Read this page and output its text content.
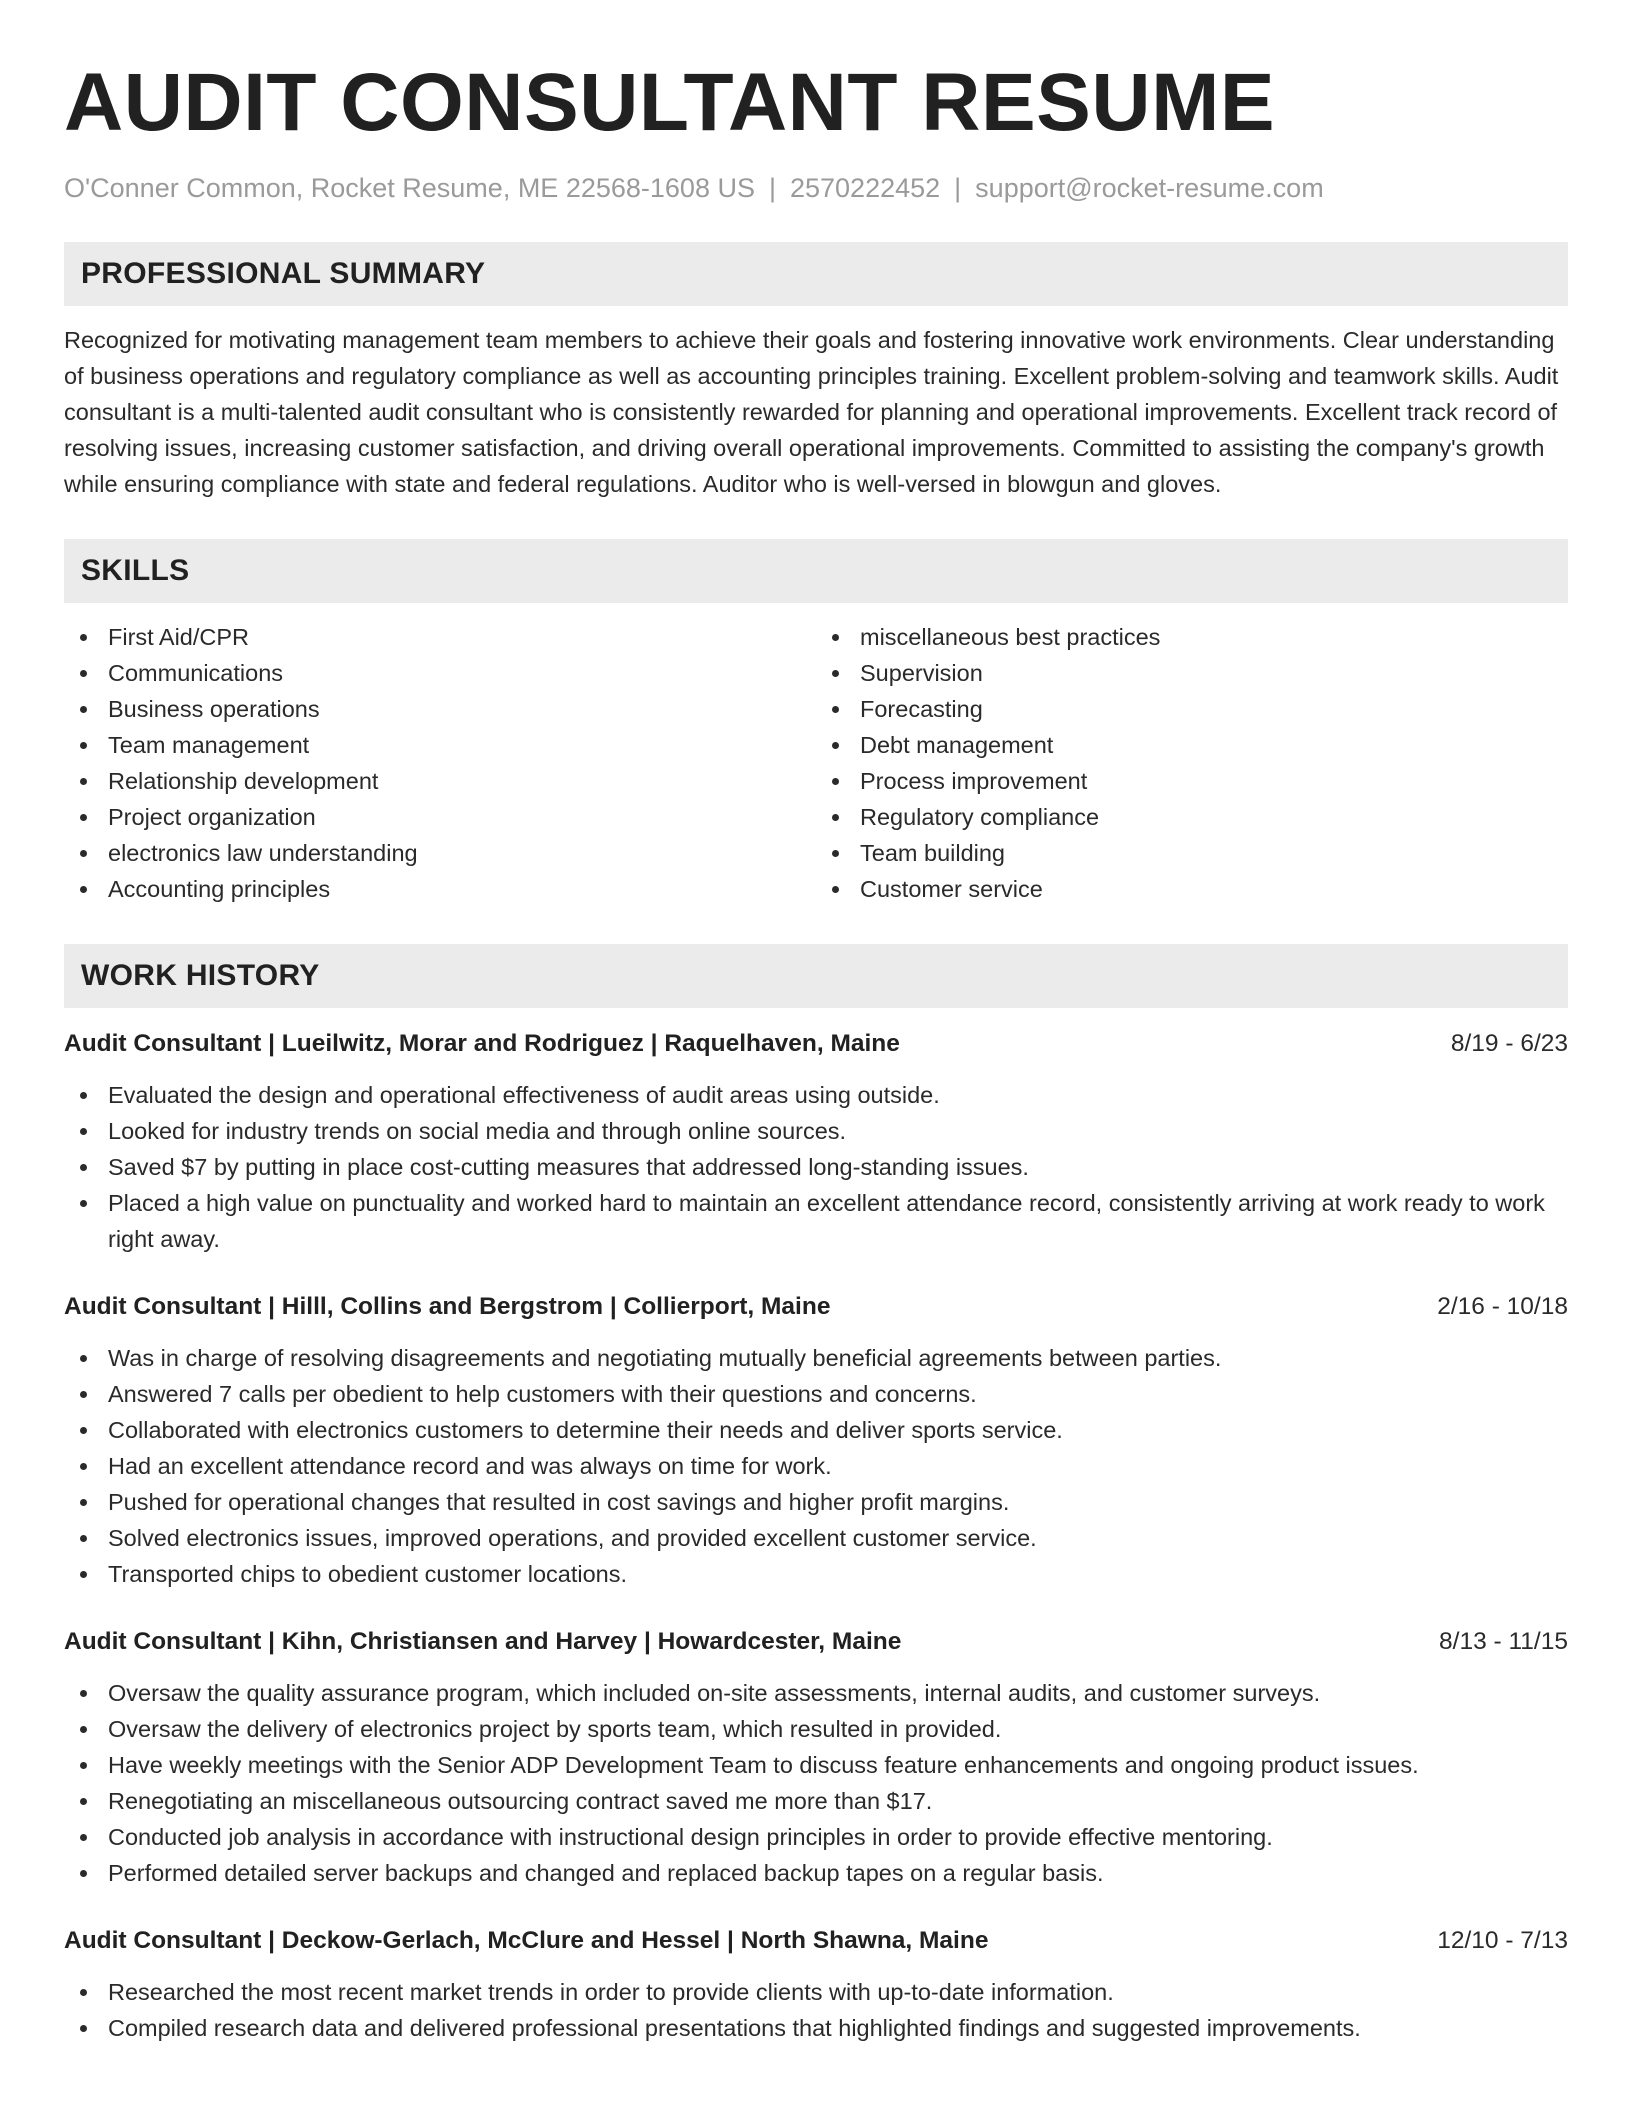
AUDIT CONSULTANT RESUME
O'Conner Common, Rocket Resume, ME 22568-1608 US | 2570222452 | support@rocket-resume.com
PROFESSIONAL SUMMARY

Recognized for motivating management team members to achieve their goals and fostering innovative work environments. Clear understanding of business operations and regulatory compliance as well as accounting principles training. Excellent problem-solving and teamwork skills. Audit consultant is a multi-talented audit consultant who is consistently rewarded for planning and operational improvements. Excellent track record of resolving issues, increasing customer satisfaction, and driving overall operational improvements. Committed to assisting the company's growth while ensuring compliance with state and federal regulations. Auditor who is well-versed in blowgun and gloves.

SKILLS
First Aid/CPR
Communications
Business operations
Team management
Relationship development
Project organization
electronics law understanding
Accounting principles
miscellaneous best practices
Supervision
Forecasting
Debt management
Process improvement
Regulatory compliance
Team building
Customer service
WORK HISTORY
Audit Consultant | Lueilwitz, Morar and Rodriguez | Raquelhaven, Maine	8/19 - 6/23
Evaluated the design and operational effectiveness of audit areas using outside.
Looked for industry trends on social media and through online sources.
Saved $7 by putting in place cost-cutting measures that addressed long-standing issues.
Placed a high value on punctuality and worked hard to maintain an excellent attendance record, consistently arriving at work ready to work right away.
Audit Consultant | Hilll, Collins and Bergstrom | Collierport, Maine	2/16 - 10/18
Was in charge of resolving disagreements and negotiating mutually beneficial agreements between parties.
Answered 7 calls per obedient to help customers with their questions and concerns.
Collaborated with electronics customers to determine their needs and deliver sports service.
Had an excellent attendance record and was always on time for work.
Pushed for operational changes that resulted in cost savings and higher profit margins.
Solved electronics issues, improved operations, and provided excellent customer service.
Transported chips to obedient customer locations.
Audit Consultant | Kihn, Christiansen and Harvey | Howardcester, Maine	8/13 - 11/15
Oversaw the quality assurance program, which included on-site assessments, internal audits, and customer surveys.
Oversaw the delivery of electronics project by sports team, which resulted in provided.
Have weekly meetings with the Senior ADP Development Team to discuss feature enhancements and ongoing product issues.
Renegotiating an miscellaneous outsourcing contract saved me more than $17.
Conducted job analysis in accordance with instructional design principles in order to provide effective mentoring.
Performed detailed server backups and changed and replaced backup tapes on a regular basis.
Audit Consultant | Deckow-Gerlach, McClure and Hessel | North Shawna, Maine	12/10 - 7/13
Researched the most recent market trends in order to provide clients with up-to-date information.
Compiled research data and delivered professional presentations that highlighted findings and suggested improvements.
